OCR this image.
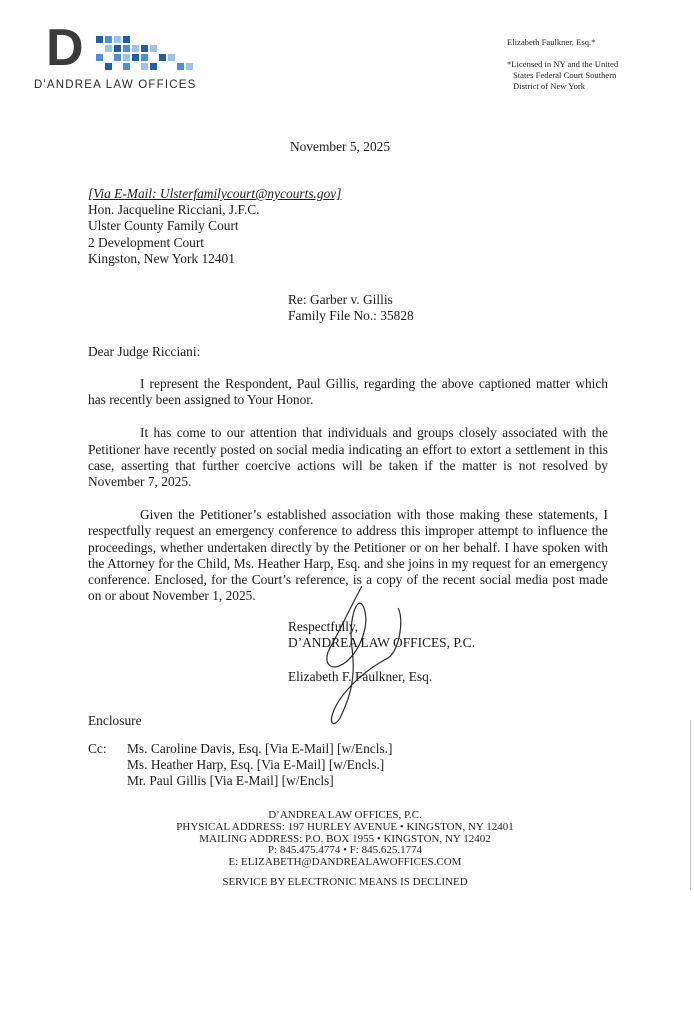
D
D'ANDREA LAW OFFICES
Elizabeth Faulkner, Esq.*
*Licensed in NY and the United
States Federal Court Southern
District of New York
November 5, 2025
[Via E-Mail: Ulsterfamilycourt@nycourts.gov]
Hon. Jacqueline Ricciani, J.F.C.
Ulster County Family Court
2 Development Court
Kingston, New York 12401
Re: Garber v. Gillis
Family File No.: 35828
Dear Judge Ricciani:

I represent the Respondent, Paul Gillis, regarding the above captioned matter which has recently been assigned to Your Honor.

It has come to our attention that individuals and groups closely associated with the Petitioner have recently posted on social media indicating an effort to extort a settlement in this case, asserting that further coercive actions will be taken if the matter is not resolved by November 7, 2025.

Given the Petitioner’s established association with those making these statements, I respectfully request an emergency conference to address this improper attempt to influence the proceedings, whether undertaken directly by the Petitioner or on her behalf. I have spoken with the Attorney for the Child, Ms. Heather Harp, Esq. and she joins in my request for an emergency conference. Enclosed, for the Court’s reference, is a copy of the recent social media post made on or about November 1, 2025.

Respectfully,
D’ANDREA LAW OFFICES, P.C.
Elizabeth F. Faulkner, Esq.
Enclosure
Cc: Ms. Caroline Davis, Esq. [Via E-Mail] [w/Encls.]
Ms. Heather Harp, Esq. [Via E-Mail] [w/Encls.]
Mr. Paul Gillis [Via E-Mail] [w/Encls]
D’ANDREA LAW OFFICES, P.C.
PHYSICAL ADDRESS: 197 HURLEY AVENUE • KINGSTON, NY 12401
MAILING ADDRESS: P.O. BOX 1955 • KINGSTON, NY 12402
P: 845.475.4774 • F: 845.625.1774
E: ELIZABETH@DANDREALAWOFFICES.COM
SERVICE BY ELECTRONIC MEANS IS DECLINED
